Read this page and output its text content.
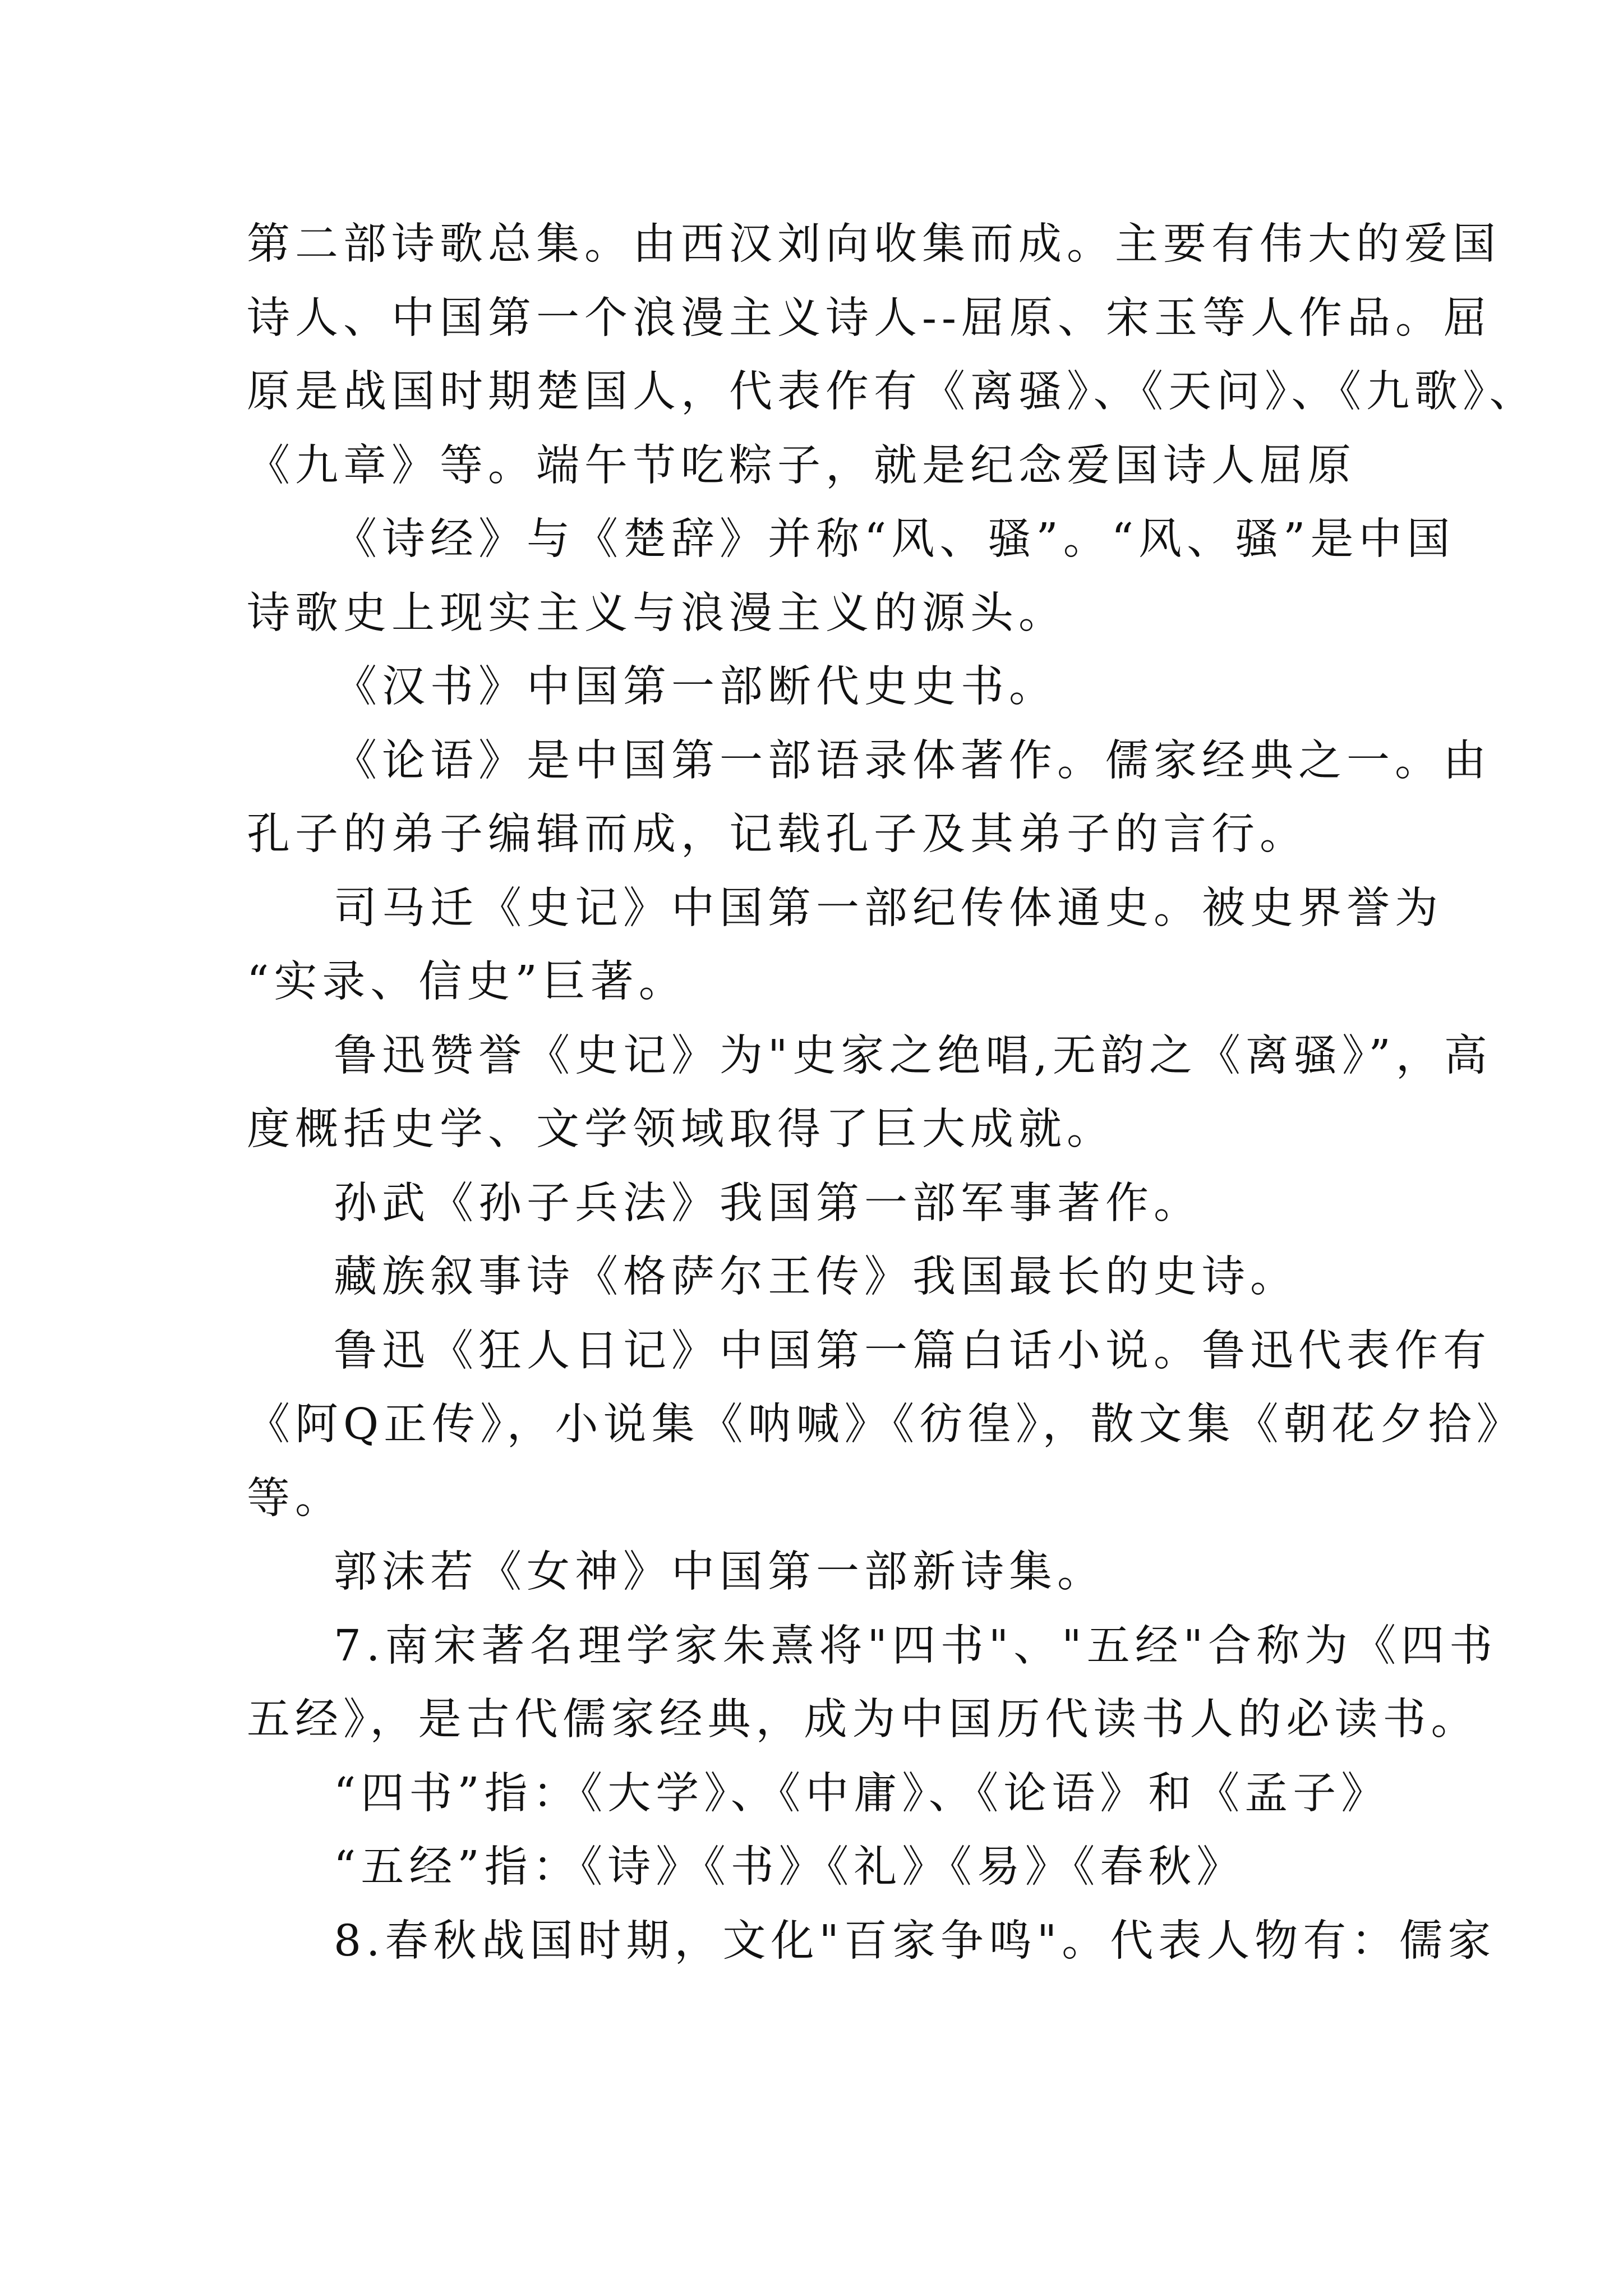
第二部诗歌总集。由西汉刘向收集而成。主要有伟大的爱国
诗人、中国第一个浪漫主义诗人--屈原、宋玉等人作品。屈
原是战国时期楚国人，代表作有《离骚》、《天问》、《九歌》、
《九章》等。端午节吃粽子，就是纪念爱国诗人屈原
《诗经》与《楚辞》并称“风、骚”。“风、骚”是中国
诗歌史上现实主义与浪漫主义的源头。
《汉书》中国第一部断代史史书。
《论语》是中国第一部语录体著作。儒家经典之一。由
孔子的弟子编辑而成，记载孔子及其弟子的言行。
司马迁《史记》中国第一部纪传体通史。被史界誉为
“实录、信史”巨著。
鲁迅赞誉《史记》为"史家之绝唱,无韵之《离骚》”，高
度概括史学、文学领域取得了巨大成就。
孙武《孙子兵法》我国第一部军事著作。
藏族叙事诗《格萨尔王传》我国最长的史诗。
鲁迅《狂人日记》中国第一篇白话小说。鲁迅代表作有
《阿Q正传》，小说集《呐喊》《彷徨》，散文集《朝花夕拾》
等。
郭沫若《女神》中国第一部新诗集。
7.南宋著名理学家朱熹将"四书"、"五经"合称为《四书
五经》，是古代儒家经典，成为中国历代读书人的必读书。
“四书”指：《大学》、《中庸》、《论语》和《孟子》
“五经”指：《诗》《书》《礼》《易》《春秋》
8.春秋战国时期，文化"百家争鸣"。代表人物有：儒家
